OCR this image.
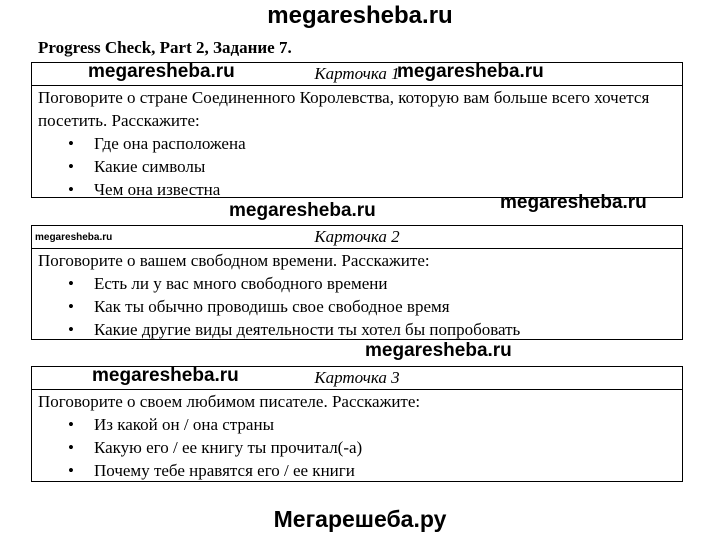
megaresheba.ru
Progress Check, Part 2, Задание 7.
Карточка 1

Поговорите о стране Соединенного Королевства, которую вам больше всего хочется посетить. Расскажите:

• Где она расположена
• Какие символы
• Чем она известна
Карточка 2

Поговорите о вашем свободном времени. Расскажите:

• Есть ли у вас много свободного времени
• Как ты обычно проводишь свое свободное время
• Какие другие виды деятельности ты хотел бы попробовать
Карточка 3

Поговорите о своем любимом писателе. Расскажите:

• Из какой он / она страны
• Какую его / ее книгу ты прочитал(-а)
• Почему тебе нравятся его / ее книги
megaresheba.ru	megaresheba.ru
megaresheba.ru	megaresheba.ru
megaresheba.ru
megaresheba.ru
megaresheba.ru
Мегарешеба.ру
